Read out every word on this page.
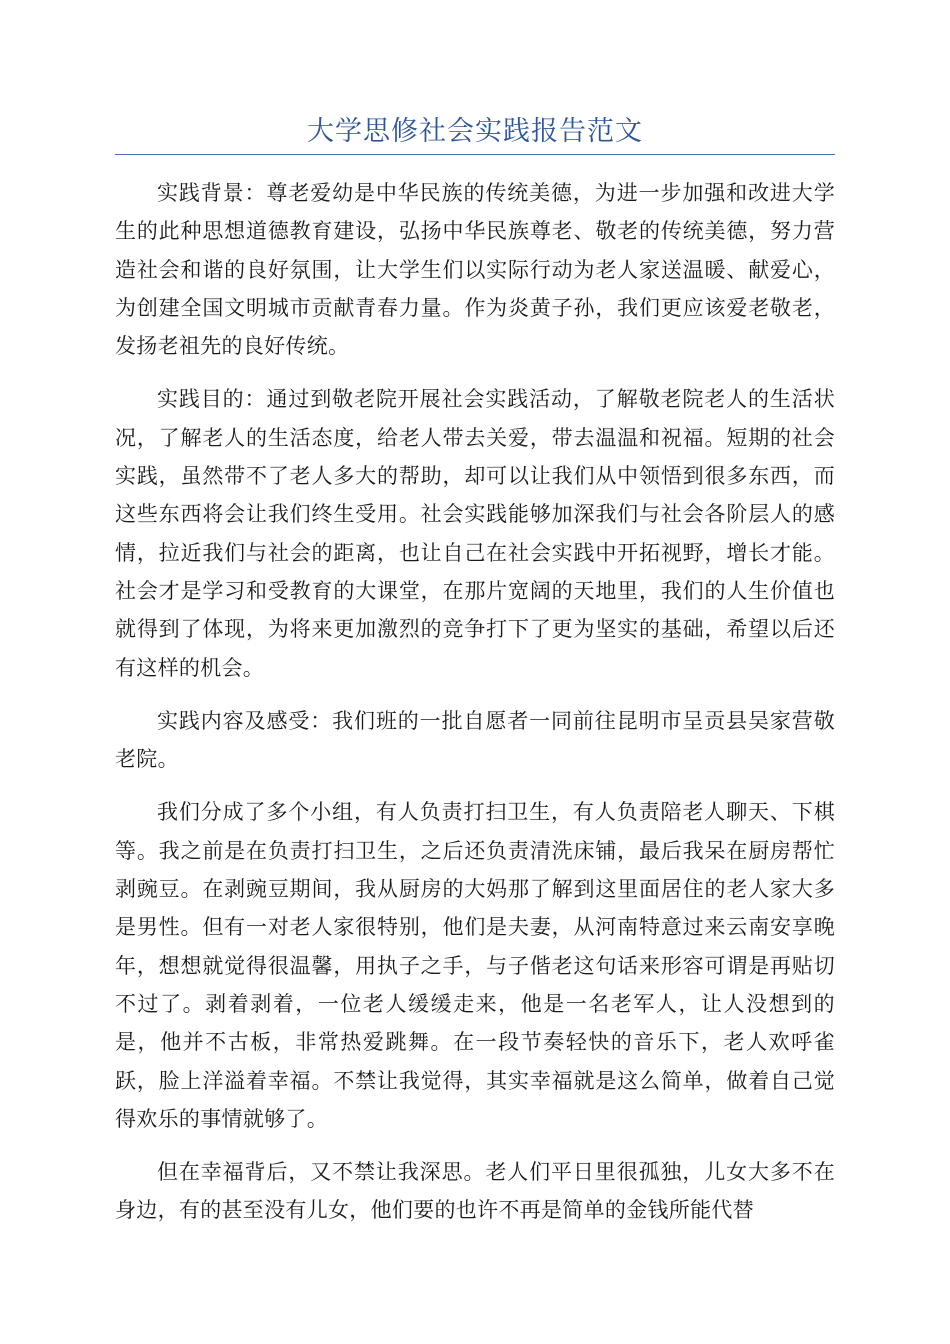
大学思修社会实践报告范文

实践背景：尊老爱幼是中华民族的传统美德，为进一步加强和改进大学生的此种思想道德教育建设，弘扬中华民族尊老、敬老的传统美德，努力营造社会和谐的良好氛围，让大学生们以实际行动为老人家送温暖、献爱心，为创建全国文明城市贡献青春力量。作为炎黄子孙，我们更应该爱老敬老，发扬老祖先的良好传统。

实践目的：通过到敬老院开展社会实践活动，了解敬老院老人的生活状况，了解老人的生活态度，给老人带去关爱，带去温温和祝福。短期的社会实践，虽然带不了老人多大的帮助，却可以让我们从中领悟到很多东西，而这些东西将会让我们终生受用。社会实践能够加深我们与社会各阶层人的感情，拉近我们与社会的距离，也让自己在社会实践中开拓视野，增长才能。社会才是学习和受教育的大课堂，在那片宽阔的天地里，我们的人生价值也就得到了体现，为将来更加激烈的竞争打下了更为坚实的基础，希望以后还有这样的机会。

实践内容及感受：我们班的一批自愿者一同前往昆明市呈贡县吴家营敬老院。

我们分成了多个小组，有人负责打扫卫生，有人负责陪老人聊天、下棋等。我之前是在负责打扫卫生，之后还负责清洗床铺，最后我呆在厨房帮忙剥豌豆。在剥豌豆期间，我从厨房的大妈那了解到这里面居住的老人家大多是男性。但有一对老人家很特别，他们是夫妻，从河南特意过来云南安享晚年，想想就觉得很温馨，用执子之手，与子偕老这句话来形容可谓是再贴切不过了。剥着剥着，一位老人缓缓走来，他是一名老军人，让人没想到的是，他并不古板，非常热爱跳舞。在一段节奏轻快的音乐下，老人欢呼雀跃，脸上洋溢着幸福。不禁让我觉得，其实幸福就是这么简单，做着自己觉得欢乐的事情就够了。

但在幸福背后，又不禁让我深思。老人们平日里很孤独，儿女大多不在身边，有的甚至没有儿女，他们要的也许不再是简单的金钱所能代替
